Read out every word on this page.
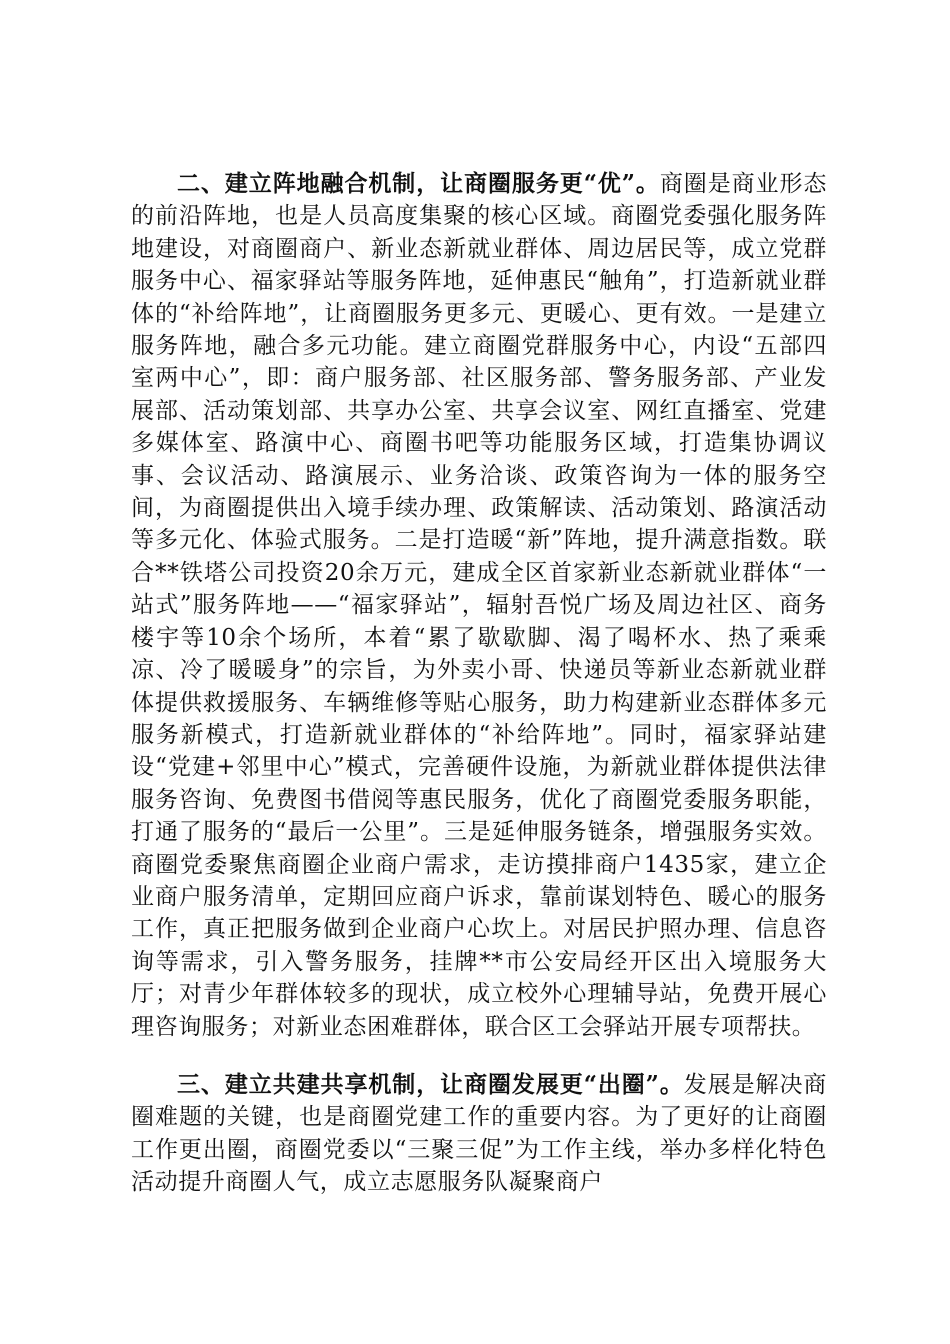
二、建立阵地融合机制，让商圈服务更“优”。商圈是商业形态的前沿阵地，也是人员高度集聚的核心区域。商圈党委强化服务阵地建设，对商圈商户、新业态新就业群体、周边居民等，成立党群服务中心、福家驿站等服务阵地，延伸惠民“触角”，打造新就业群体的“补给阵地”，让商圈服务更多元、更暖心、更有效。一是建立服务阵地，融合多元功能。建立商圈党群服务中心，内设“五部四室两中心”，即：商户服务部、社区服务部、警务服务部、产业发展部、活动策划部、共享办公室、共享会议室、网红直播室、党建多媒体室、路演中心、商圈书吧等功能服务区域，打造集协调议事、会议活动、路演展示、业务洽谈、政策咨询为一体的服务空间，为商圈提供出入境手续办理、政策解读、活动策划、路演活动等多元化、体验式服务。二是打造暖“新”阵地，提升满意指数。联合**铁塔公司投资20余万元，建成全区首家新业态新就业群体“一站式”服务阵地——“福家驿站”，辐射吾悦广场及周边社区、商务楼宇等10余个场所，本着“累了歇歇脚、渴了喝杯水、热了乘乘凉、冷了暖暖身”的宗旨，为外卖小哥、快递员等新业态新就业群体提供救援服务、车辆维修等贴心服务，助力构建新业态群体多元服务新模式，打造新就业群体的“补给阵地”。同时，福家驿站建设“党建+邻里中心”模式，完善硬件设施，为新就业群体提供法律服务咨询、免费图书借阅等惠民服务，优化了商圈党委服务职能，打通了服务的“最后一公里”。三是延伸服务链条，增强服务实效。商圈党委聚焦商圈企业商户需求，走访摸排商户1435家，建立企业商户服务清单，定期回应商户诉求，靠前谋划特色、暖心的服务工作，真正把服务做到企业商户心坎上。对居民护照办理、信息咨询等需求，引入警务服务，挂牌**市公安局经开区出入境服务大厅；对青少年群体较多的现状，成立校外心理辅导站，免费开展心理咨询服务；对新业态困难群体，联合区工会驿站开展专项帮扶。

三、建立共建共享机制，让商圈发展更“出圈”。发展是解决商圈难题的关键，也是商圈党建工作的重要内容。为了更好的让商圈工作更出圈，商圈党委以“三聚三促”为工作主线，举办多样化特色活动提升商圈人气，成立志愿服务队凝聚商户
